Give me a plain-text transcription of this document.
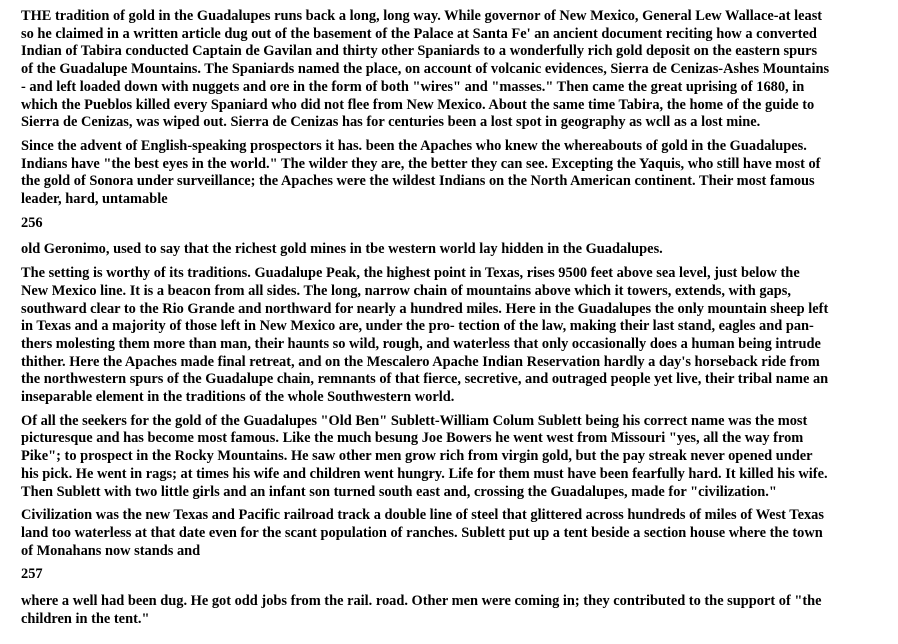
THE tradition of gold in the Guadalupes runs back a long, long way. While governor of New Mexico, General Lew Wallace-at least
so he claimed in a written article dug out of the basement of the Palace at Santa Fe' an ancient document reciting how a converted
Indian of Tabira conducted Captain de Gavilan and thirty other Spaniards to a wonderfully rich gold deposit on the eastern spurs
of the Guadalupe Mountains. The Spaniards named the place, on account of volcanic evidences, Sierra de Cenizas-Ashes Mountains
- and left loaded down with nuggets and ore in the form of both "wires" and "masses." Then came the great uprising of 1680, in
which the Pueblos killed every Spaniard who did not flee from New Mexico. About the same time Tabira, the home of the guide to
Sierra de Cenizas, was wiped out. Sierra de Cenizas has for centuries been a lost spot in geography as wcll as a lost mine.
Since the advent of English-speaking prospectors it has. been the Apaches who knew the whereabouts of gold in the Guadalupes.
Indians have "the best eyes in the world." The wilder they are, the better they can see. Excepting the Yaquis, who still have most of
the gold of Sonora under surveillance; the Apaches were the wildest Indians on the North American continent. Their most famous
leader, hard, untamable
256
old Geronimo, used to say that the richest gold mines in tbe western world lay hidden in the Guadalupes.
The setting is worthy of its traditions. Guadalupe Peak, the highest point in Texas, rises 9500 feet above sea level, just below the
New Mexico line. It is a beacon from all sides. The long, narrow chain of mountains above which it towers, extends, with gaps,
southward clear to the Rio Grande and northward for nearly a hundred miles. Here in the Guadalupes the only mountain sheep left
in Texas and a majority of those left in New Mexico are, under the pro- tection of the law, making their last stand, eagles and pan-
thers molesting them more than man, their haunts so wild, rough, and waterless that only occasionally does a human being intrude
thither. Here the Apaches made final retreat, and on the Mescalero Apache Indian Reservation hardly a day's horseback ride from
the northwestern spurs of the Guadalupe chain, remnants of that fierce, secretive, and outraged people yet live, their tribal name an
inseparable element in the traditions of the whole Southwestern world.
Of all the seekers for the gold of the Guadalupes "Old Ben" Sublett-William Colum Sublett being his correct name was the most
picturesque and has become most famous. Like the much besung Joe Bowers he went west from Missouri "yes, all the way from
Pike"; to prospect in the Rocky Mountains. He saw other men grow rich from virgin gold, but the pay streak never opened under
his pick. He went in rags; at times his wife and children went hungry. Life for them must have been fearfully hard. It killed his wife.
Then Sublett with two little girls and an infant son turned south east and, crossing the Guadalupes, made for "civilization."
Civilization was the new Texas and Pacific railroad track a double line of steel that glittered across hundreds of miles of West Texas
land too waterless at that date even for the scant population of ranches. Sublett put up a tent beside a section house where the town
of Monahans now stands and
257
where a well had been dug. He got odd jobs from the rail. road. Other men were coming in; they contributed to the support of "the
children in the tent."
